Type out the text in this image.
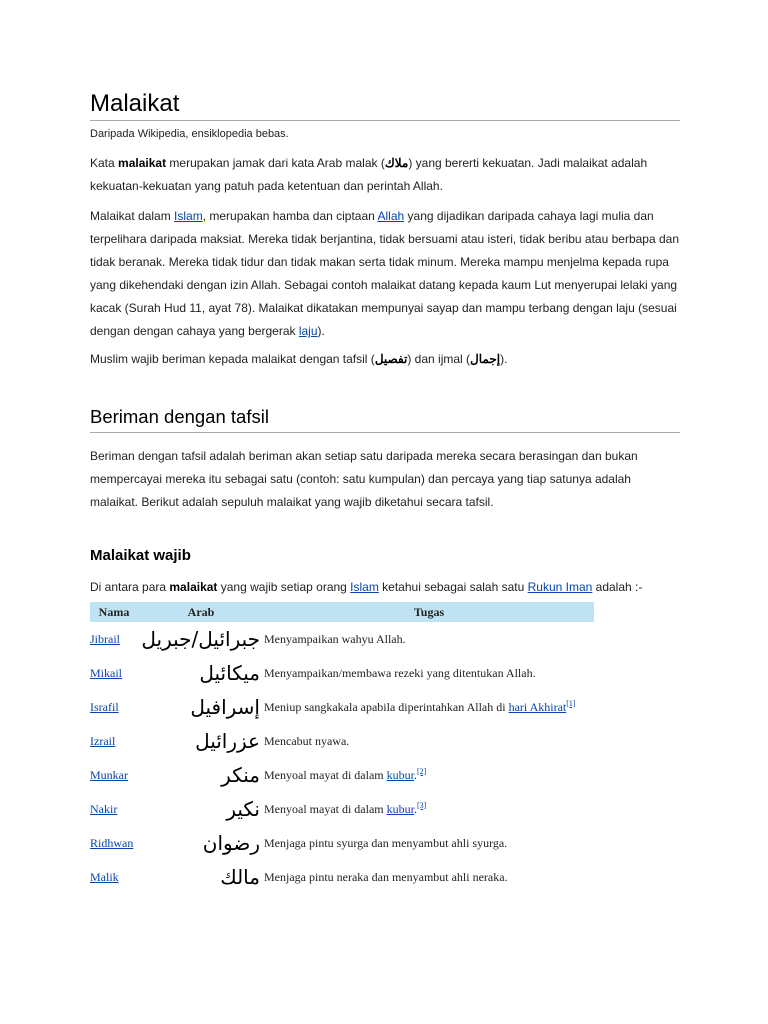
Malaikat
Daripada Wikipedia, ensiklopedia bebas.

Kata malaikat merupakan jamak dari kata Arab malak (ملاك) yang bererti kekuatan. Jadi malaikat adalah kekuatan-kekuatan yang patuh pada ketentuan dan perintah Allah.

Malaikat dalam Islam, merupakan hamba dan ciptaan Allah yang dijadikan daripada cahaya lagi mulia dan terpelihara daripada maksiat. Mereka tidak berjantina, tidak bersuami atau isteri, tidak beribu atau berbapa dan tidak beranak. Mereka tidak tidur dan tidak makan serta tidak minum. Mereka mampu menjelma kepada rupa yang dikehendaki dengan izin Allah. Sebagai contoh malaikat datang kepada kaum Lut menyerupai lelaki yang kacak (Surah Hud 11, ayat 78). Malaikat dikatakan mempunyai sayap dan mampu terbang dengan laju (sesuai dengan dengan cahaya yang bergerak laju).

Muslim wajib beriman kepada malaikat dengan tafsil (تفصيل) dan ijmal (إجمال).

Beriman dengan tafsil

Beriman dengan tafsil adalah beriman akan setiap satu daripada mereka secara berasingan dan bukan mempercayai mereka itu sebagai satu (contoh: satu kumpulan) dan percaya yang tiap satunya adalah malaikat. Berikut adalah sepuluh malaikat yang wajib diketahui secara tafsil.

Malaikat wajib

Di antara para malaikat yang wajib setiap orang Islam ketahui sebagai salah satu Rukun Iman adalah :-

Nama	Arab	Tugas
Jibrail	جبرائيل/جبريل	Menyampaikan wahyu Allah.
Mikail	ميكائيل	Menyampaikan/membawa rezeki yang ditentukan Allah.
Israfil	إسرافيل	Meniup sangkakala apabila diperintahkan Allah di hari Akhirat[1]
Izrail	عزرائيل	Mencabut nyawa.
Munkar	منكر	Menyoal mayat di dalam kubur.[2]
Nakir	نكير	Menyoal mayat di dalam kubur.[3]
Ridhwan	رضوان	Menjaga pintu syurga dan menyambut ahli syurga.
Malik	مالك	Menjaga pintu neraka dan menyambut ahli neraka.
